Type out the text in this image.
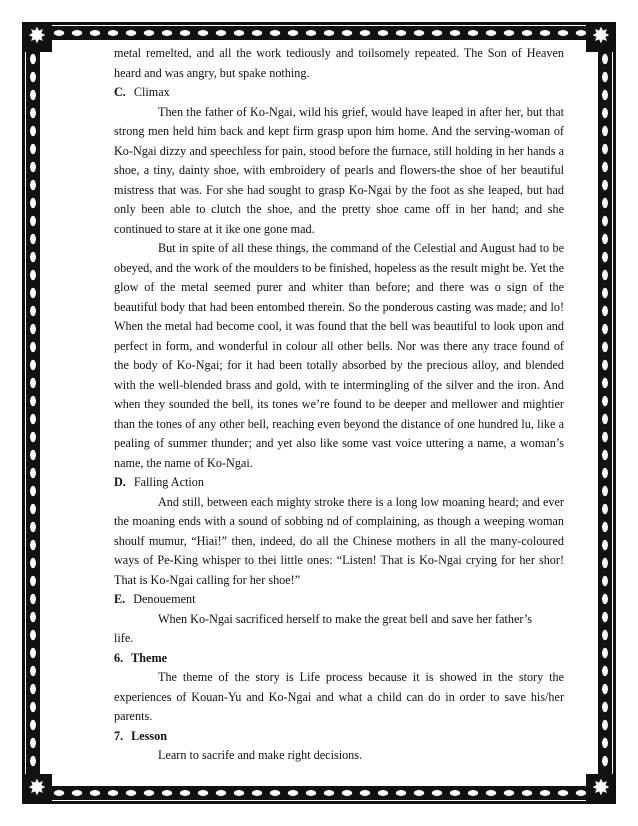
✸
✸
✸
✸

metal remelted, and all the work tediously and toilsomely repeated. The Son of Heaven heard and was angry, but spake nothing.

C. Climax

Then the father of Ko-Ngai, wild his grief, would have leaped in after her, but that strong men held him back and kept firm grasp upon him home. And the serving-woman of Ko-Ngai dizzy and speechless for pain, stood before the furnace, still holding in her hands a shoe, a tiny, dainty shoe, with embroidery of pearls and flowers-the shoe of her beautiful mistress that was. For she had sought to grasp Ko-Ngai by the foot as she leaped, but had only been able to clutch the shoe, and the pretty shoe came off in her hand; and she continued to stare at it ike one gone mad.

But in spite of all these things, the command of the Celestial and August had to be obeyed, and the work of the moulders to be finished, hopeless as the result might be. Yet the glow of the metal seemed purer and whiter than before; and there was o sign of the beautiful body that had been entombed therein. So the ponderous casting was made; and lo! When the metal had become cool, it was found that the bell was beautiful to look upon and perfect in form, and wonderful in colour all other bells. Nor was there any trace found of the body of Ko-Ngai; for it had been totally absorbed by the precious alloy, and blended with the well-blended brass and gold, with te intermingling of the silver and the iron. And when they sounded the bell, its tones we’re found to be deeper and mellower and mightier than the tones of any other bell, reaching even beyond the distance of one hundred lu, like a pealing of summer thunder; and yet also like some vast voice uttering a name, a woman’s name, the name of Ko-Ngai.

D. Falling Action

And still, between each mighty stroke there is a long low moaning heard; and ever the moaning ends with a sound of sobbing nd of complaining, as though a weeping woman shoulf mumur, “Hiai!” then, indeed, do all the Chinese mothers in all the many-coloured ways of Pe-King whisper to thei little ones: “Listen! That is Ko-Ngai crying for her shor! That is Ko-Ngai calling for her shoe!”

E. Denouement

When Ko-Ngai sacrificed herself to make the great bell and save her father’s

life.

6. Theme

The theme of the story is Life process because it is showed in the story the experiences of Kouan-Yu and Ko-Ngai and what a child can do in order to save his/her parents.

7. Lesson

Learn to sacrife and make right decisions.
